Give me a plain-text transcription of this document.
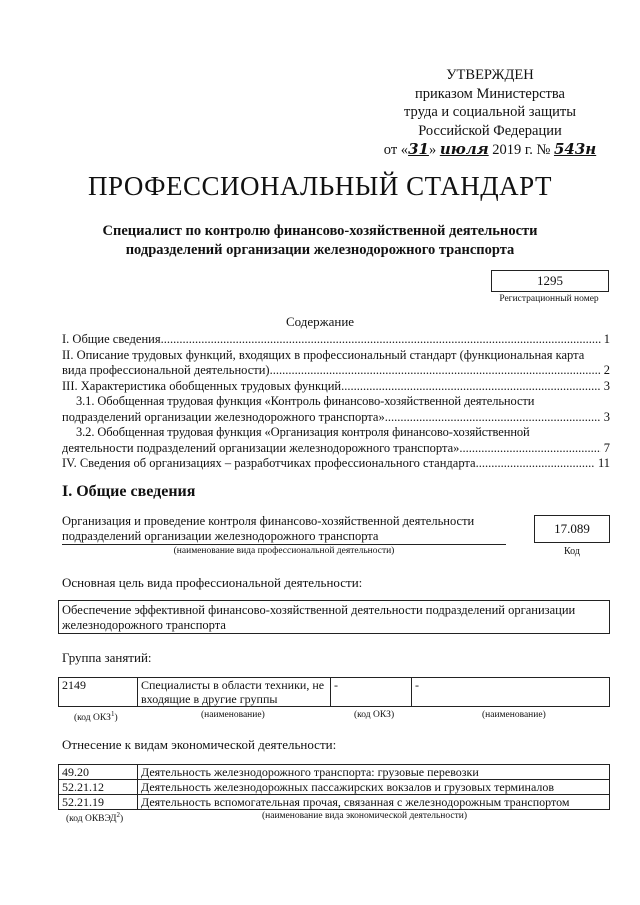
УТВЕРЖДЕН
приказом Министерства
труда и социальной защиты
Российской Федерации
от «31» июля 2019 г. № 543н
ПРОФЕССИОНАЛЬНЫЙ СТАНДАРТ
Специалист по контролю финансово-хозяйственной деятельности
подразделений организации железнодорожного транспорта
1295
Регистрационный номер
Содержание
I. Общие сведения .....	1
II. Описание трудовых функций, входящих в профессиональный стандарт (функциональная карта
вида профессиональной деятельности) .....	2
III. Характеристика обобщенных трудовых функций .....	3
3.1. Обобщенная трудовая функция «Контроль финансово-хозяйственной деятельности
подразделений организации железнодорожного транспорта» .....	3
3.2. Обобщенная трудовая функция «Организация контроля финансово-хозяйственной
деятельности подразделений организации железнодорожного транспорта» .....	7
IV. Сведения об организациях – разработчиках профессионального стандарта .....	11
I. Общие сведения
Организация и проведение контроля финансово-хозяйственной деятельности
подразделений организации железнодорожного транспорта
(наименование вида профессиональной деятельности)
17.089
Код
Основная цель вида профессиональной деятельности:
Обеспечение эффективной финансово-хозяйственной деятельности подразделений организации железнодорожного транспорта
Группа занятий:
2149	Специалисты в области техники, не входящие в другие группы	-	-
(код ОКЗ$^1$)	(наименование)	(код ОКЗ)	(наименование)
Отнесение к видам экономической деятельности:
49.20	Деятельность железнодорожного транспорта: грузовые перевозки
52.21.12	Деятельность железнодорожных пассажирских вокзалов и грузовых терминалов
52.21.19	Деятельность вспомогательная прочая, связанная с железнодорожным транспортом
(код ОКВЭД$^2$)	(наименование вида экономической деятельности)
